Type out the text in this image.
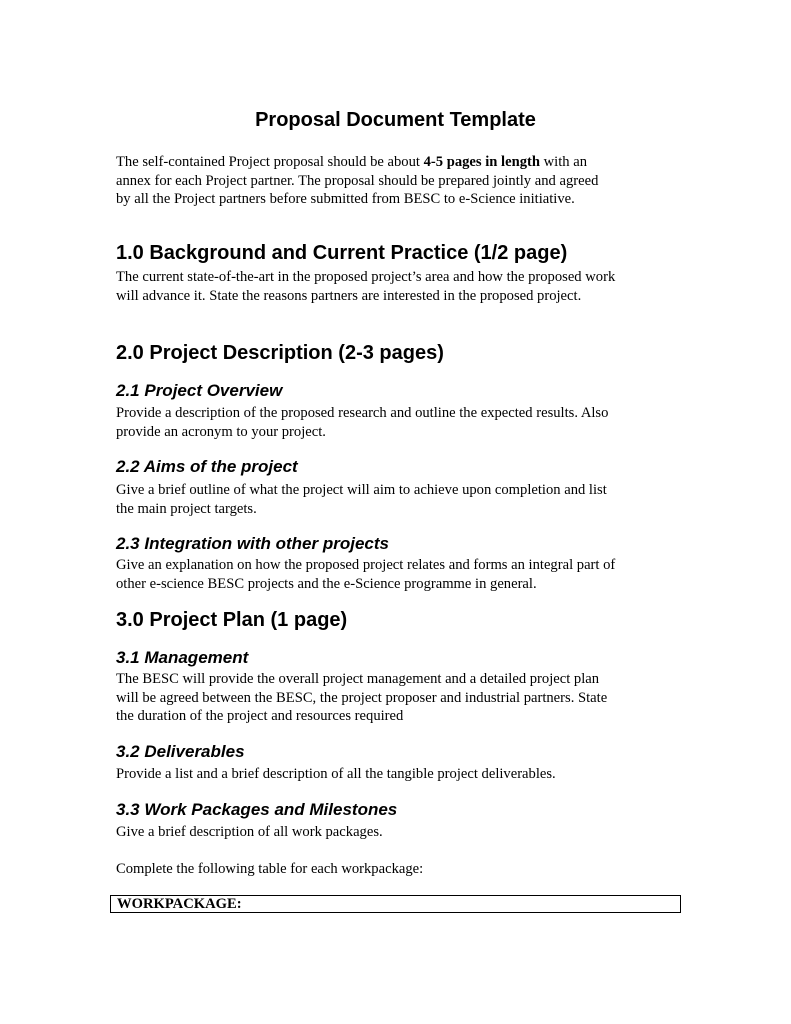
Proposal Document Template
The self-contained Project proposal should be about 4-5 pages in length with an
annex for each Project partner. The proposal should be prepared jointly and agreed
by all the Project partners before submitted from BESC to e-Science initiative.
1.0 Background and Current Practice (1/2 page)
The current state-of-the-art in the proposed project’s area and how the proposed work
will advance it. State the reasons partners are interested in the proposed project.
2.0 Project Description (2-3 pages)
2.1 Project Overview
Provide a description of the proposed research and outline the expected results. Also
provide an acronym to your project.
2.2 Aims of the project
Give a brief outline of what the project will aim to achieve upon completion and list
the main project targets.
2.3 Integration with other projects
Give an explanation on how the proposed project relates and forms an integral part of
other e-science BESC projects and the e-Science programme in general.
3.0 Project Plan (1 page)
3.1 Management
The BESC will provide the overall project management and a detailed project plan
will be agreed between the BESC, the project proposer and industrial partners. State
the duration of the project and resources required
3.2 Deliverables
Provide a list and a brief description of all the tangible project deliverables.
3.3 Work Packages and Milestones
Give a brief description of all work packages.
Complete the following table for each workpackage:
WORKPACKAGE:
